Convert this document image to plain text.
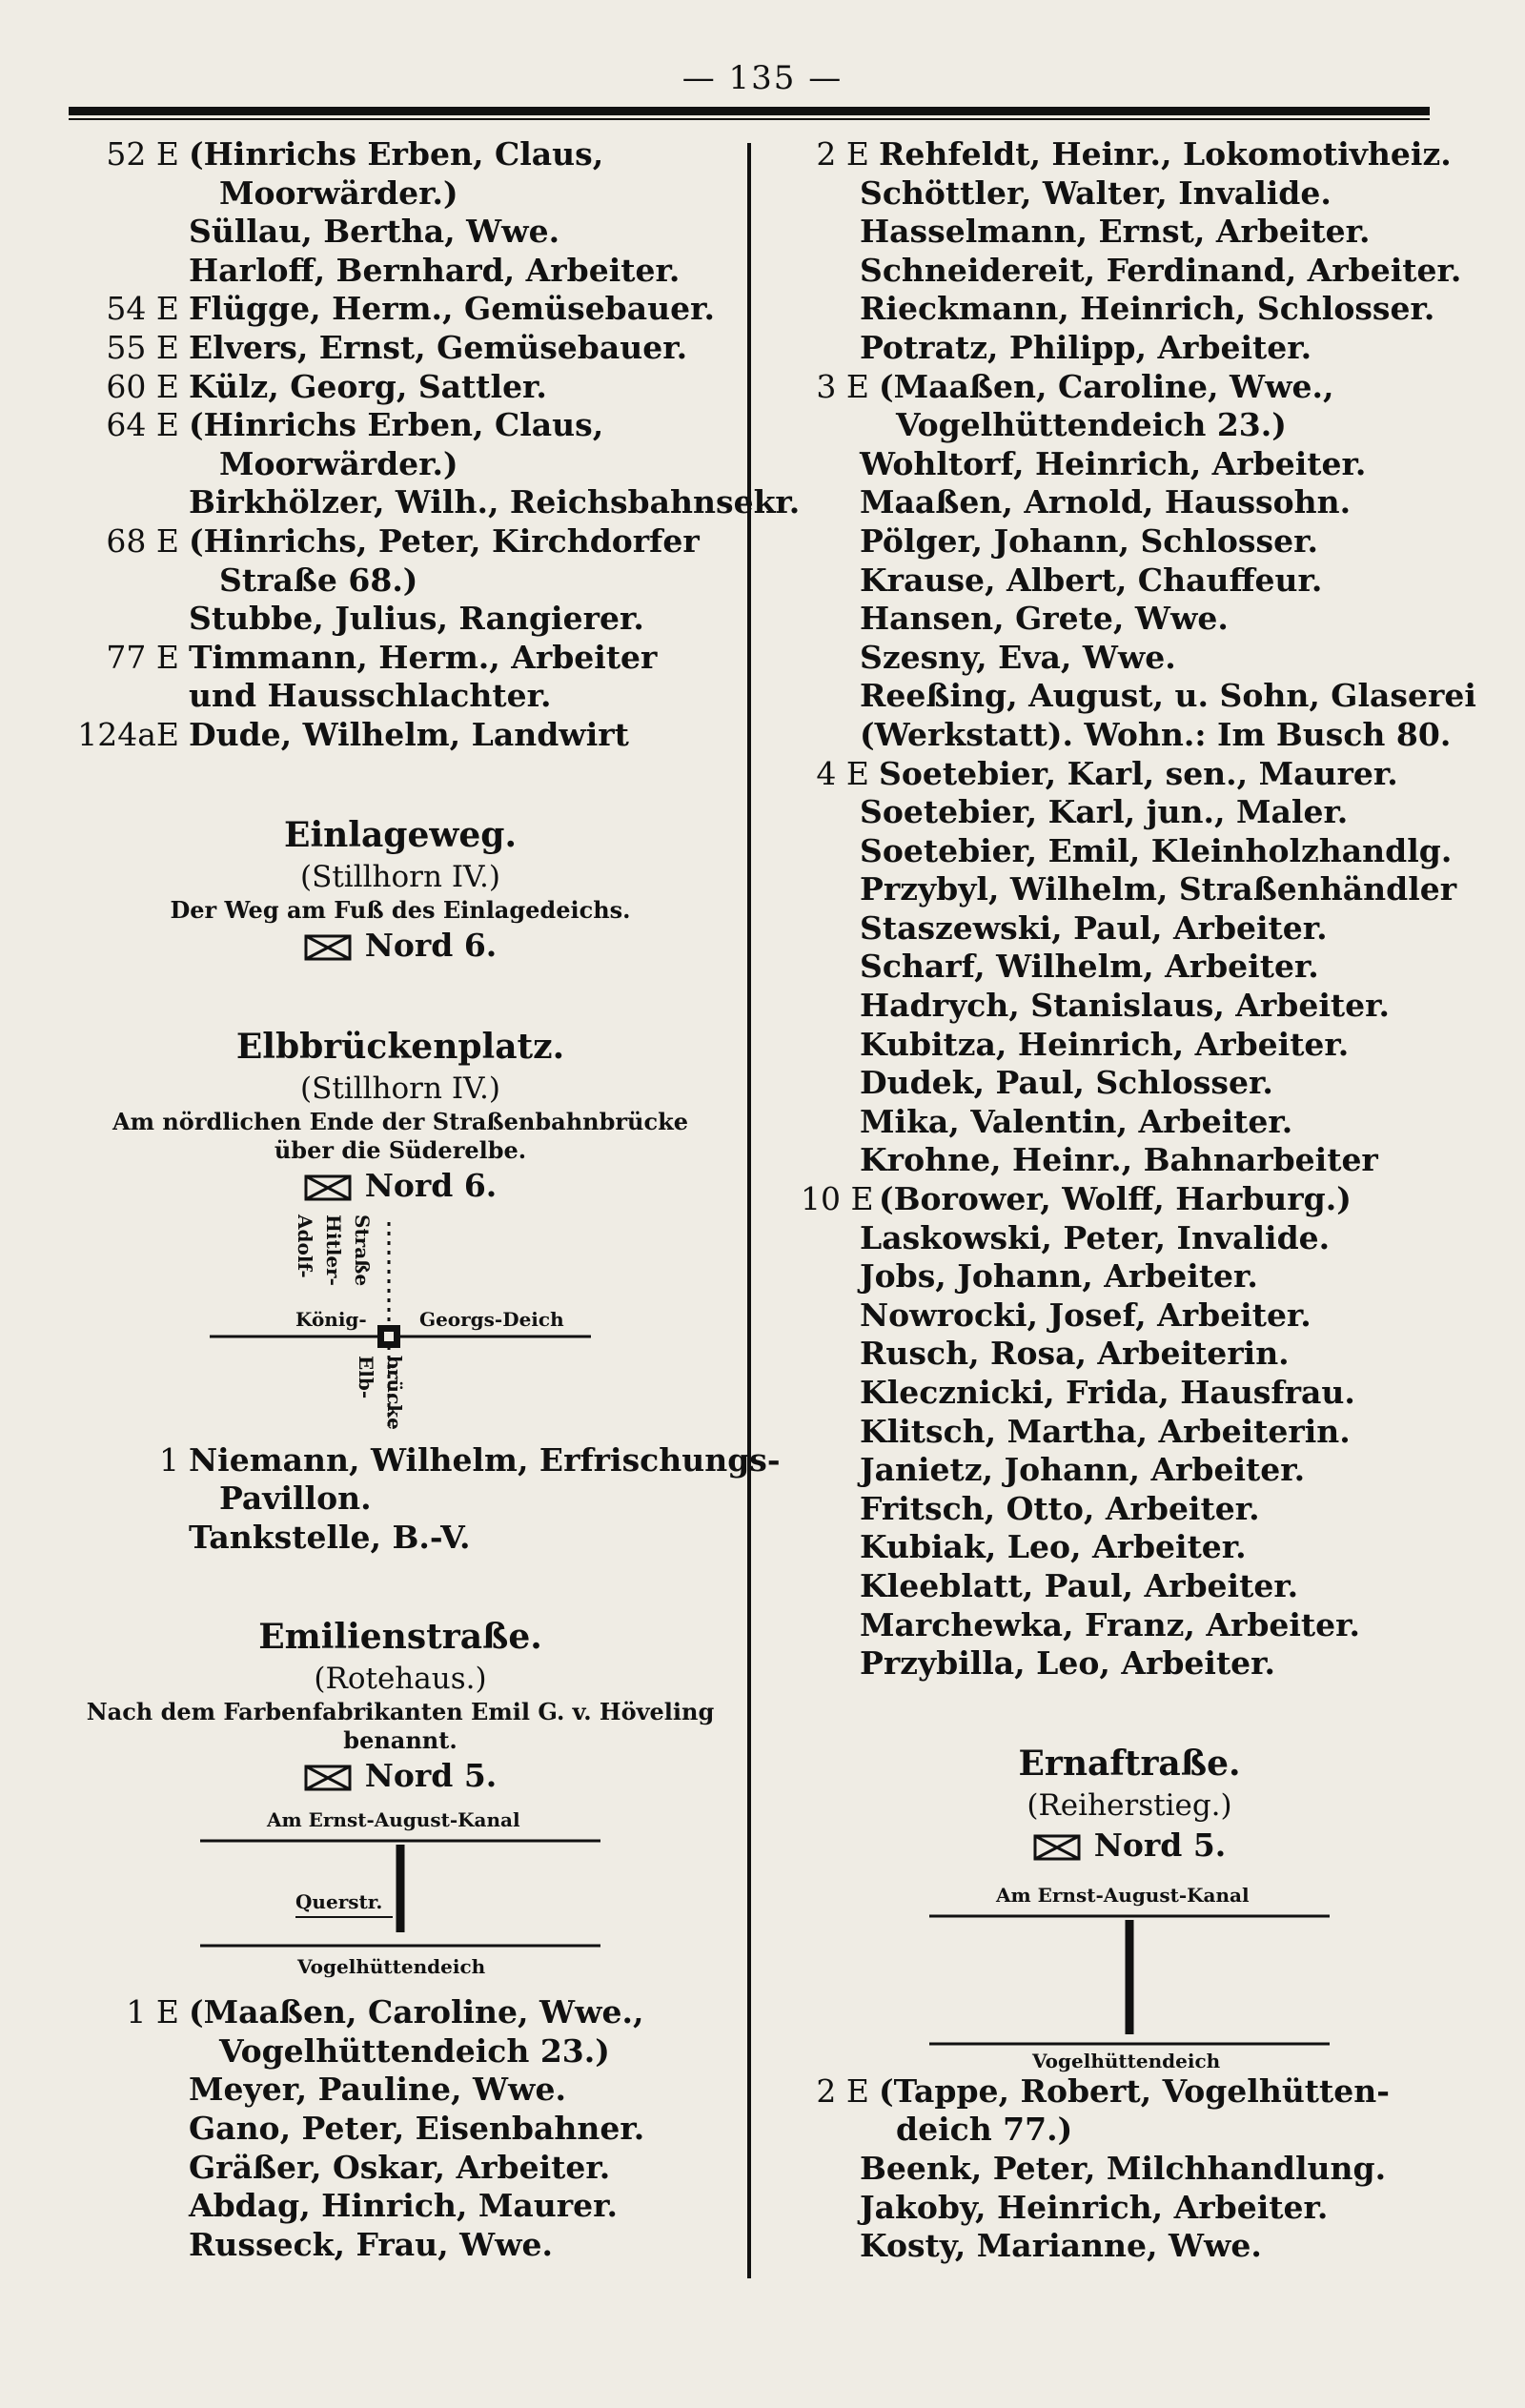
— 135 —
52 E (Hinrichs Erben, Claus,
Moorwärder.)
Süllau, Bertha, Wwe.
Harloff, Bernhard, Arbeiter.
54 E Flügge, Herm., Gemüsebauer.
55 E Elvers, Ernst, Gemüsebauer.
60 E Külz, Georg, Sattler.
64 E (Hinrichs Erben, Claus,
Moorwärder.)
Birkhölzer, Wilh., Reichsbahnsekr.
68 E (Hinrichs, Peter, Kirchdorfer
Straße 68.)
Stubbe, Julius, Rangierer.
77 E Timmann, Herm., Arbeiter
und Hausschlachter.
124aE Dude, Wilhelm, Landwirt
Einlageweg.
(Stillhorn IV.)
Der Weg am Fuß des Einlagedeichs.
Nord 6.
Elbbrückenplatz.
(Stillhorn IV.)
Am nördlichen Ende der Straßenbahnbrücke
über die Süderelbe.
Nord 6.
Adolf- Hitler- Straße
König-	Georgs-Deich
Elb- brücke
1 Niemann, Wilhelm, Erfrischungs-
Pavillon.
Tankstelle, B.-V.
Emilienstraße.
(Rotehaus.)
Nach dem Farbenfabrikanten Emil G. v. Höveling benannt.
Nord 5.
Am Ernst-August-Kanal
Querstr.
Vogelhüttendeich
1 E (Maaßen, Caroline, Wwe.,
Vogelhüttendeich 23.)
Meyer, Pauline, Wwe.
Gano, Peter, Eisenbahner.
Gräßer, Oskar, Arbeiter.
Abdag, Hinrich, Maurer.
Russeck, Frau, Wwe.
2 E Rehfeldt, Heinr., Lokomotivheiz.
Schöttler, Walter, Invalide.
Hasselmann, Ernst, Arbeiter.
Schneidereit, Ferdinand, Arbeiter.
Rieckmann, Heinrich, Schlosser.
Potratz, Philipp, Arbeiter.
3 E (Maaßen, Caroline, Wwe.,
Vogelhüttendeich 23.)
Wohltorf, Heinrich, Arbeiter.
Maaßen, Arnold, Haussohn.
Pölger, Johann, Schlosser.
Krause, Albert, Chauffeur.
Hansen, Grete, Wwe.
Szesny, Eva, Wwe.
Reeßing, August, u. Sohn, Glaserei
(Werkstatt). Wohn.: Im Busch 80.
4 E Soetebier, Karl, sen., Maurer.
Soetebier, Karl, jun., Maler.
Soetebier, Emil, Kleinholzhandlg.
Przybyl, Wilhelm, Straßenhändler
Staszewski, Paul, Arbeiter.
Scharf, Wilhelm, Arbeiter.
Hadrych, Stanislaus, Arbeiter.
Kubitza, Heinrich, Arbeiter.
Dudek, Paul, Schlosser.
Mika, Valentin, Arbeiter.
Krohne, Heinr., Bahnarbeiter
10 E (Borower, Wolff, Harburg.)
Laskowski, Peter, Invalide.
Jobs, Johann, Arbeiter.
Nowrocki, Josef, Arbeiter.
Rusch, Rosa, Arbeiterin.
Klecznicki, Frida, Hausfrau.
Klitsch, Martha, Arbeiterin.
Janietz, Johann, Arbeiter.
Fritsch, Otto, Arbeiter.
Kubiak, Leo, Arbeiter.
Kleeblatt, Paul, Arbeiter.
Marchewka, Franz, Arbeiter.
Przybilla, Leo, Arbeiter.
Ernaftraße.
(Reiherstieg.)
Nord 5.
Am Ernst-August-Kanal
Vogelhüttendeich
2 E (Tappe, Robert, Vogelhütten-
deich 77.)
Beenk, Peter, Milchhandlung.
Jakoby, Heinrich, Arbeiter.
Kosty, Marianne, Wwe.
